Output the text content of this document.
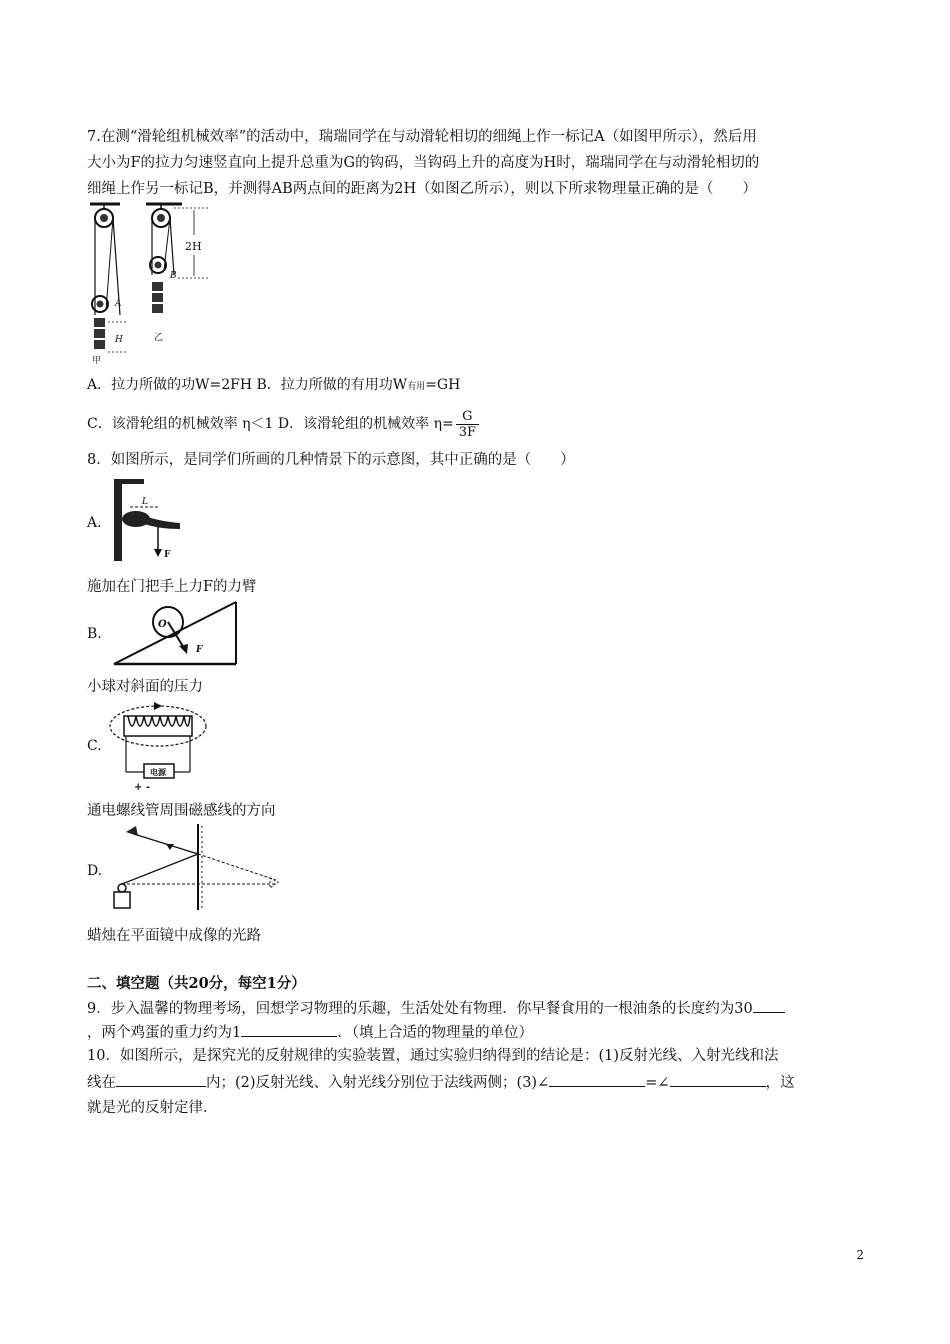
7.在测“滑轮组机械效率”的活动中，瑞瑞同学在与动滑轮相切的细绳上作一标记A（如图甲所示），然后用
大小为F的拉力匀速竖直向上提升总重为G的钩码，当钩码上升的高度为H时，瑞瑞同学在与动滑轮相切的
细绳上作另一标记B，并测得AB两点间的距离为2H（如图乙所示），则以下所求物理量正确的是（　　）
A
H
甲
B
2H
乙
A．拉力所做的功W=2FH B．拉力所做的有用功W有用=GH
C．该滑轮组的机械效率 η＜1 D．该滑轮组的机械效率 $\eta= \frac{G}{3F}$
8．如图所示，是同学们所画的几种情景下的示意图，其中正确的是（　　）
A.
L
F
施加在门把手上力F的力臂
B.
O
F
小球对斜面的压力
C.
电源
+ -
通电螺线管周围磁感线的方向
D.
蜡烛在平面镜中成像的光路
二、填空题（共20分，每空1分）
9．步入温馨的物理考场，回想学习物理的乐趣，生活处处有物理．你早餐食用的一根油条的长度约为30
，两个鸡蛋的重力约为1	．（填上合适的物理量的单位）
10．如图所示，是探究光的反射规律的实验装置，通过实验归纳得到的结论是：(1)反射光线、入射光线和法
线在	内；(2)反射光线、入射光线分别位于法线两侧；(3)∠	=∠	，这
就是光的反射定律．
2
